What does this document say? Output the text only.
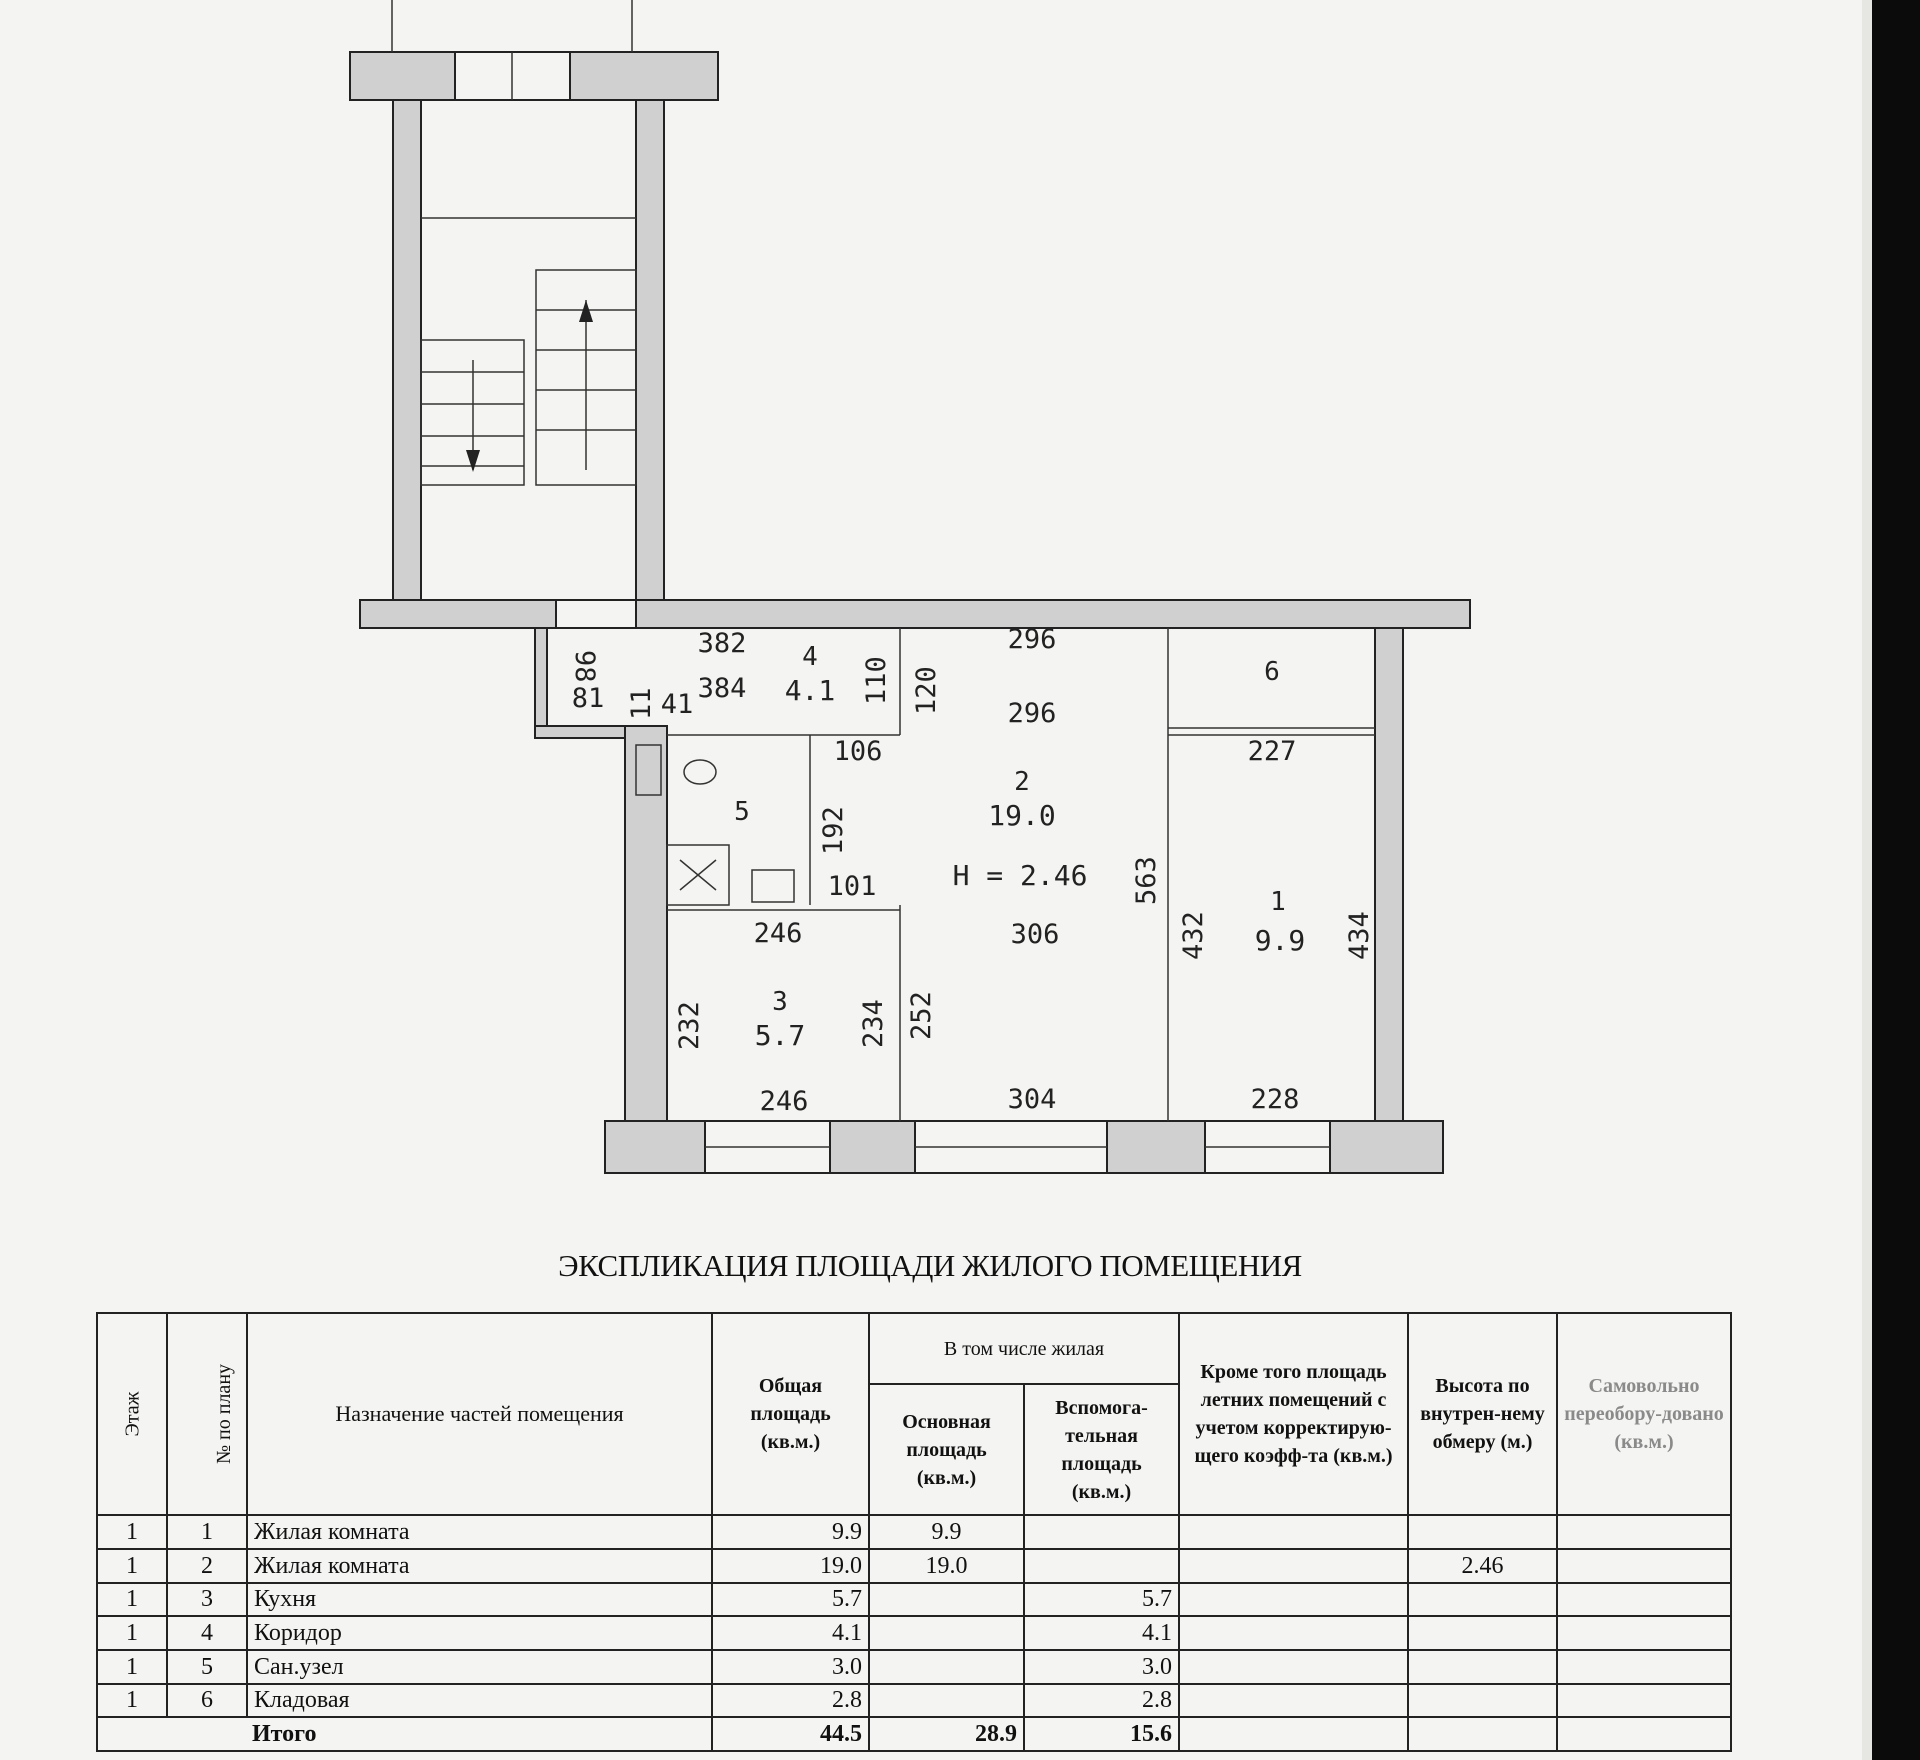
1
9.9
2
19.0
H = 2.46
3
5.7
4
4.1
5
6
98
382
384
81 11 41	110 120
296
296
106
192
101	563
306
246
252
232	234
246	304
227
432	434
228
ЭКСПЛИКАЦИЯ ПЛОЩАДИ ЖИЛОГО ПОМЕЩЕНИЯ
Этаж	№ по плану	Назначение частей помещения	Общая площадь (кв.м.)	В том числе жилая		Кроме того площадь летних помещений с учетом корректирую-щего коэфф-та (кв.м.)	Высота по внутрен-нему обмеру (м.)	Самовольно переобору-довано (кв.м.)
				Основная площадь (кв.м.)	Вспомога-тельная площадь (кв.м.)			
1	1	Жилая комната	9.9	9.9				
1	2	Жилая комната	19.0	19.0			2.46	
1	3	Кухня	5.7		5.7			
1	4	Коридор	4.1		4.1			
1	5	Сан.узел	3.0		3.0			
1	6	Кладовая	2.8		2.8			
Итого			44.5	28.9	15.6			
